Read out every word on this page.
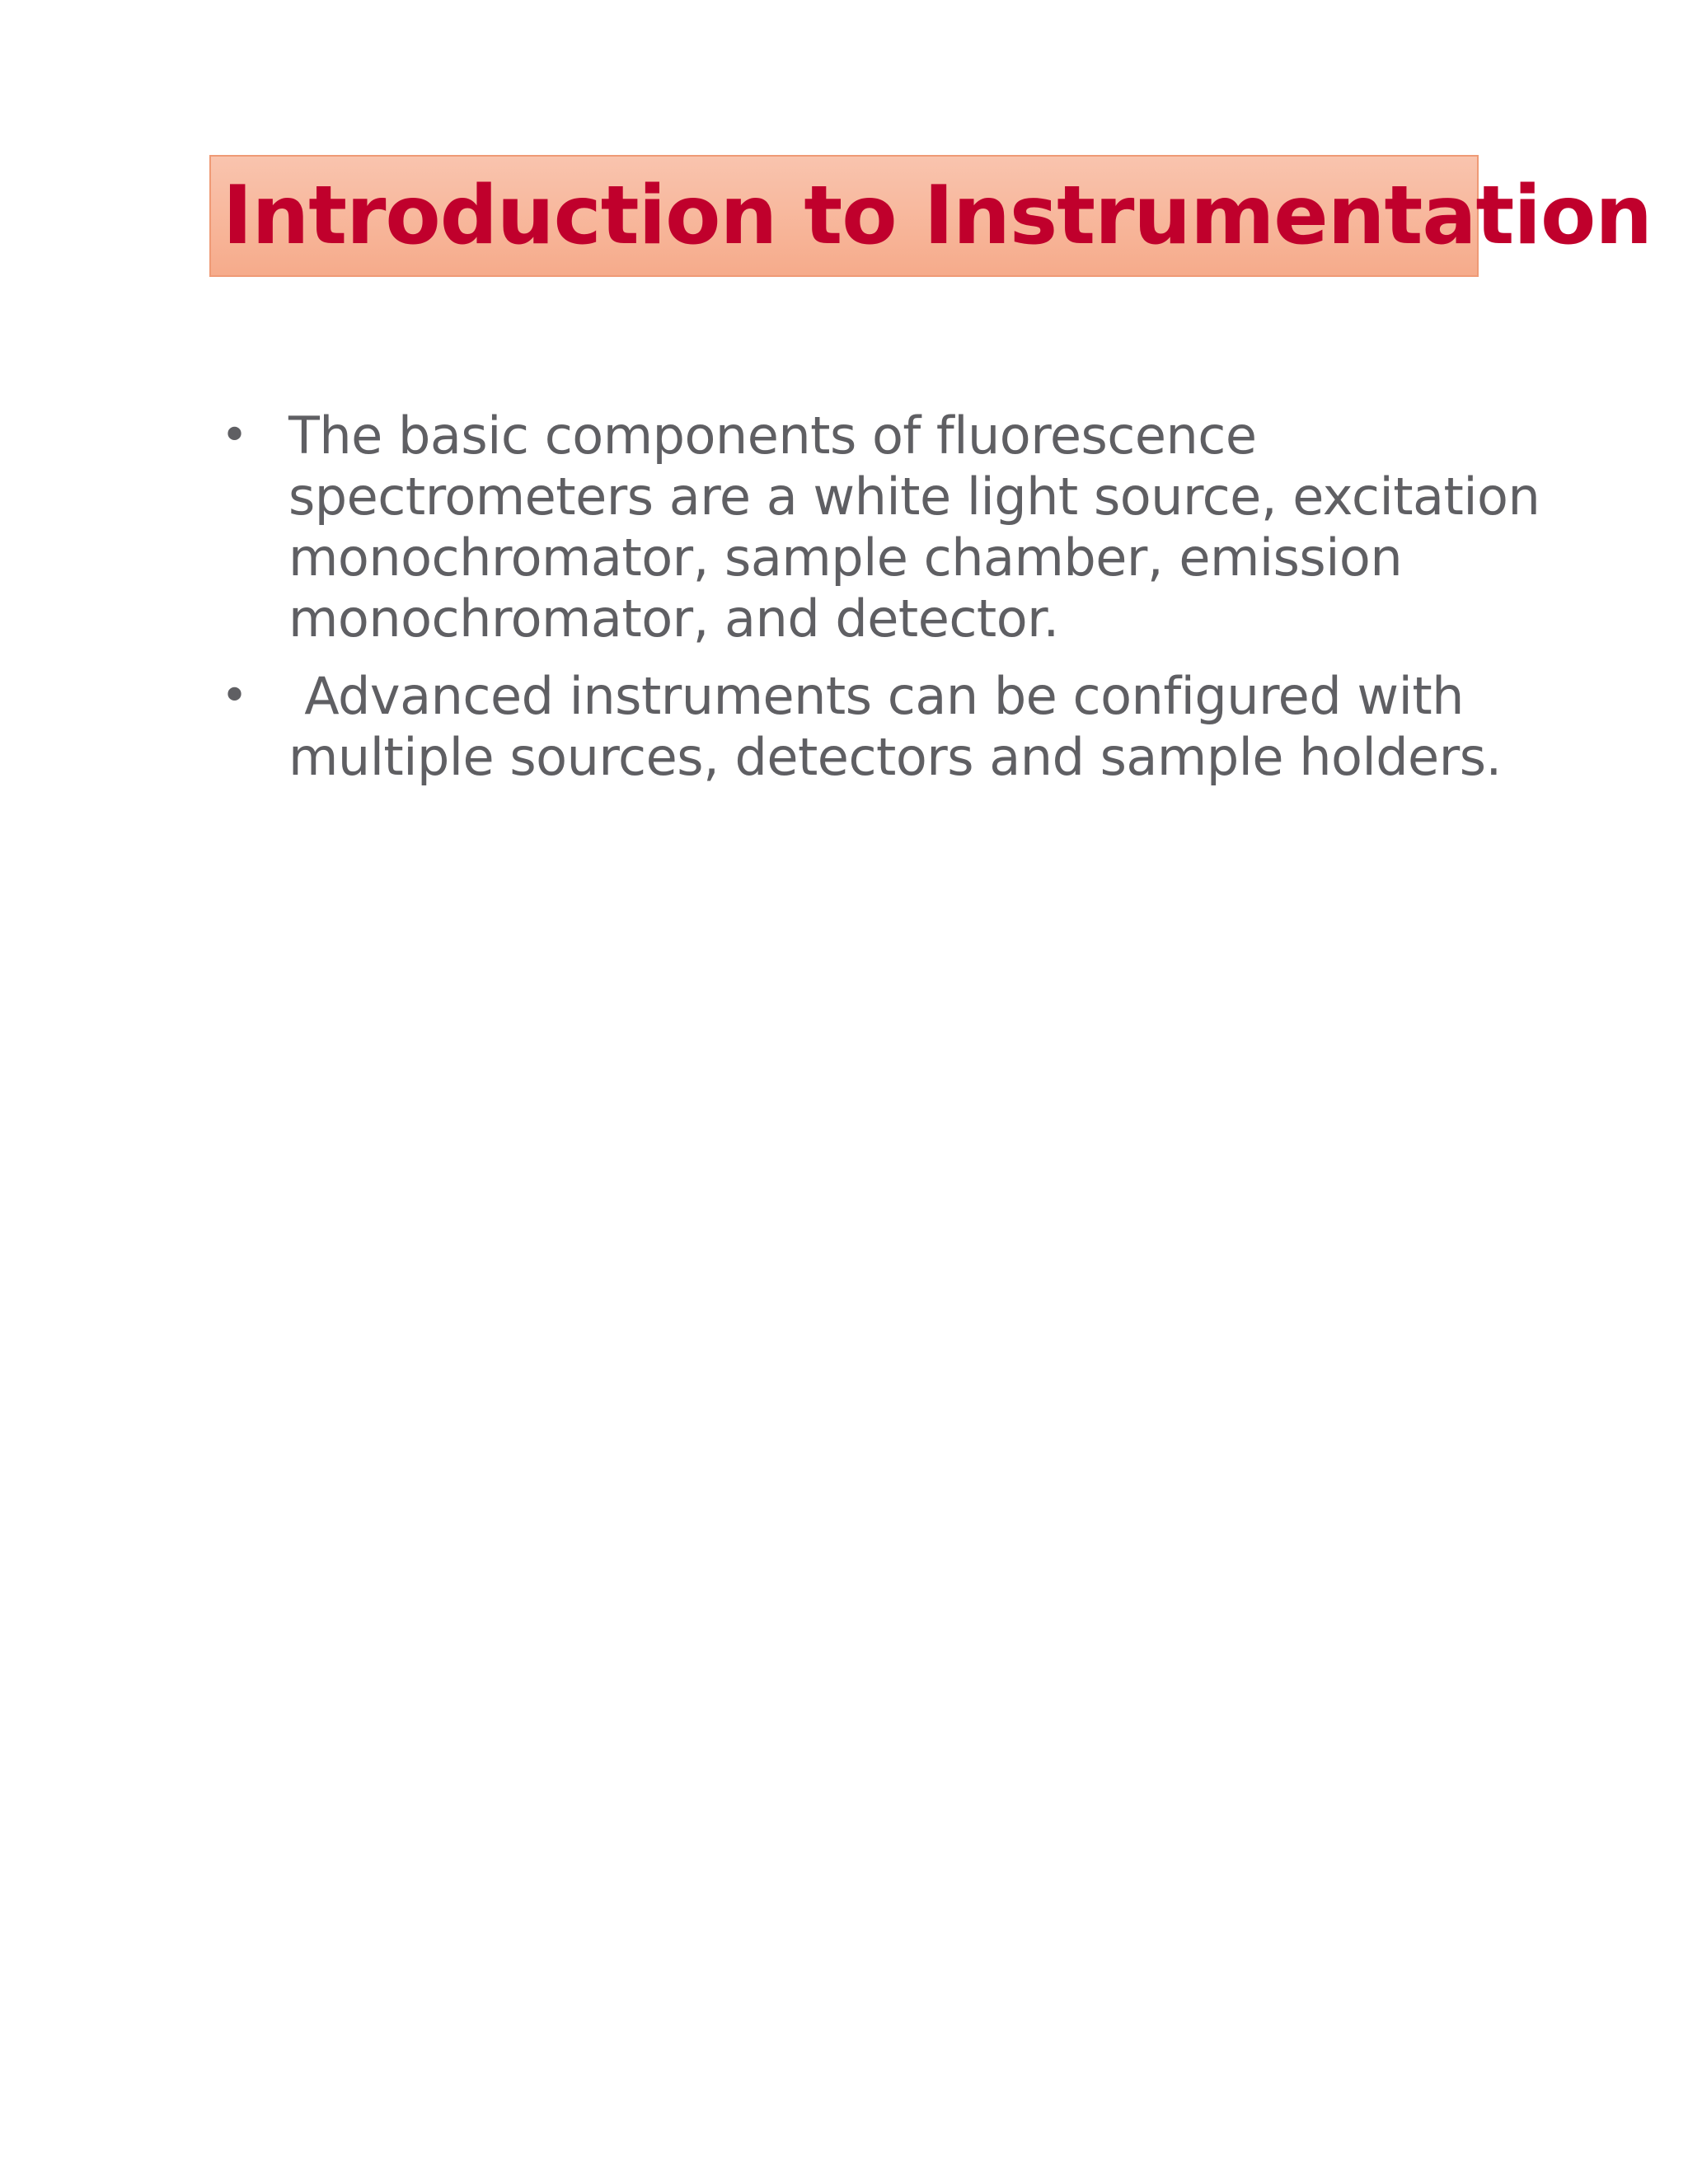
Introduction to Instrumentation
• The basic components of fluorescence
spectrometers are a white light source, excitation
monochromator, sample chamber, emission
monochromator, and detector.
• Advanced instruments can be configured with
multiple sources, detectors and sample holders.
